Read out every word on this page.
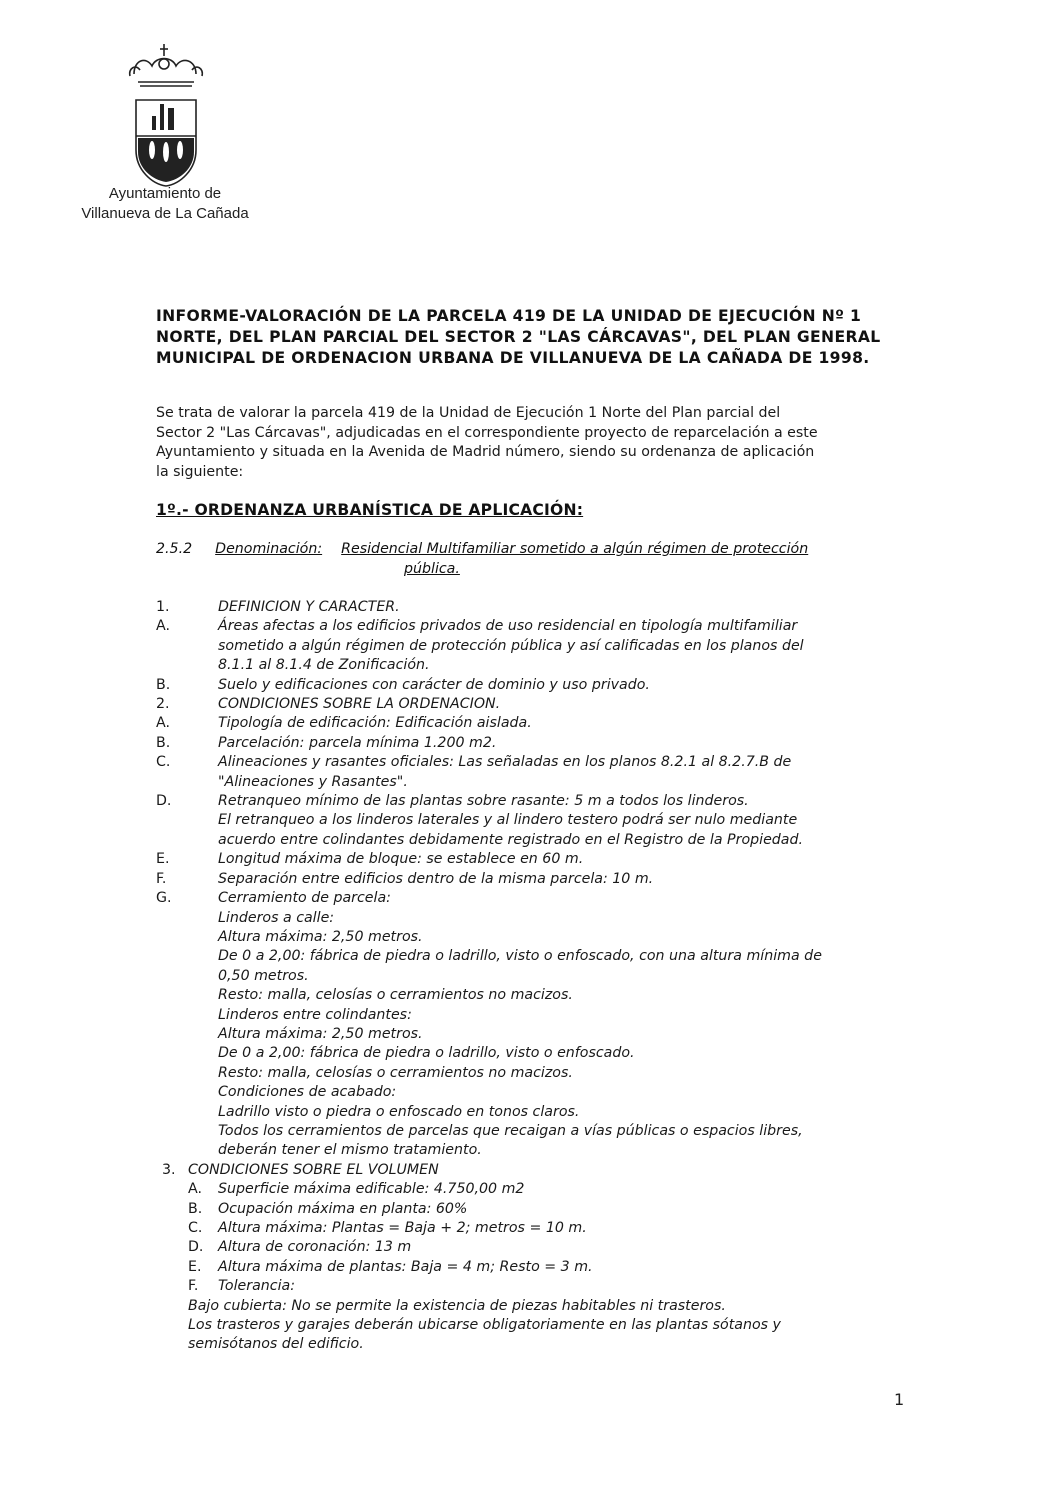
Ayuntamiento de
Villanueva de La Cañada
INFORME-VALORACIÓN DE LA PARCELA 419 DE LA UNIDAD DE EJECUCIÓN Nº 1
NORTE, DEL PLAN PARCIAL DEL SECTOR 2 "LAS CÁRCAVAS", DEL PLAN GENERAL
MUNICIPAL DE ORDENACION URBANA DE VILLANUEVA DE LA CAÑADA DE 1998.
Se trata de valorar la parcela 419 de la Unidad de Ejecución 1 Norte del Plan parcial del
Sector 2 "Las Cárcavas", adjudicadas en el correspondiente proyecto de reparcelación a este
Ayuntamiento y situada en la Avenida de Madrid número, siendo su ordenanza de aplicación
la siguiente:
1º.- ORDENANZA URBANÍSTICA DE APLICACIÓN:
2.5.2 Denominación: Residencial Multifamiliar sometido a algún régimen de protección
pública.
1.	DEFINICION Y CARACTER.
A.	Áreas afectas a los edificios privados de uso residencial en tipología multifamiliar
sometido a algún régimen de protección pública y así calificadas en los planos del
8.1.1 al 8.1.4 de Zonificación.
B.	Suelo y edificaciones con carácter de dominio y uso privado.
2.	CONDICIONES SOBRE LA ORDENACION.
A.	Tipología de edificación: Edificación aislada.
B.	Parcelación: parcela mínima 1.200 m2.
C.	Alineaciones y rasantes oficiales: Las señaladas en los planos 8.2.1 al 8.2.7.B de
"Alineaciones y Rasantes".
D.	Retranqueo mínimo de las plantas sobre rasante: 5 m a todos los linderos.
El retranqueo a los linderos laterales y al lindero testero podrá ser nulo mediante
acuerdo entre colindantes debidamente registrado en el Registro de la Propiedad.
E.	Longitud máxima de bloque: se establece en 60 m.
F.	Separación entre edificios dentro de la misma parcela: 10 m.
G.	Cerramiento de parcela:
Linderos a calle:
Altura máxima: 2,50 metros.
De 0 a 2,00: fábrica de piedra o ladrillo, visto o enfoscado, con una altura mínima de
0,50 metros.
Resto: malla, celosías o cerramientos no macizos.
Linderos entre colindantes:
Altura máxima: 2,50 metros.
De 0 a 2,00: fábrica de piedra o ladrillo, visto o enfoscado.
Resto: malla, celosías o cerramientos no macizos.
Condiciones de acabado:
Ladrillo visto o piedra o enfoscado en tonos claros.
Todos los cerramientos de parcelas que recaigan a vías públicas o espacios libres,
deberán tener el mismo tratamiento.
3. CONDICIONES SOBRE EL VOLUMEN
A. Superficie máxima edificable: 4.750,00 m2
B. Ocupación máxima en planta: 60%
C. Altura máxima: Plantas = Baja + 2; metros = 10 m.
D. Altura de coronación: 13 m
E. Altura máxima de plantas: Baja = 4 m; Resto = 3 m.
F. Tolerancia:
Bajo cubierta: No se permite la existencia de piezas habitables ni trasteros.
Los trasteros y garajes deberán ubicarse obligatoriamente en las plantas sótanos y
semisótanos del edificio.
1
